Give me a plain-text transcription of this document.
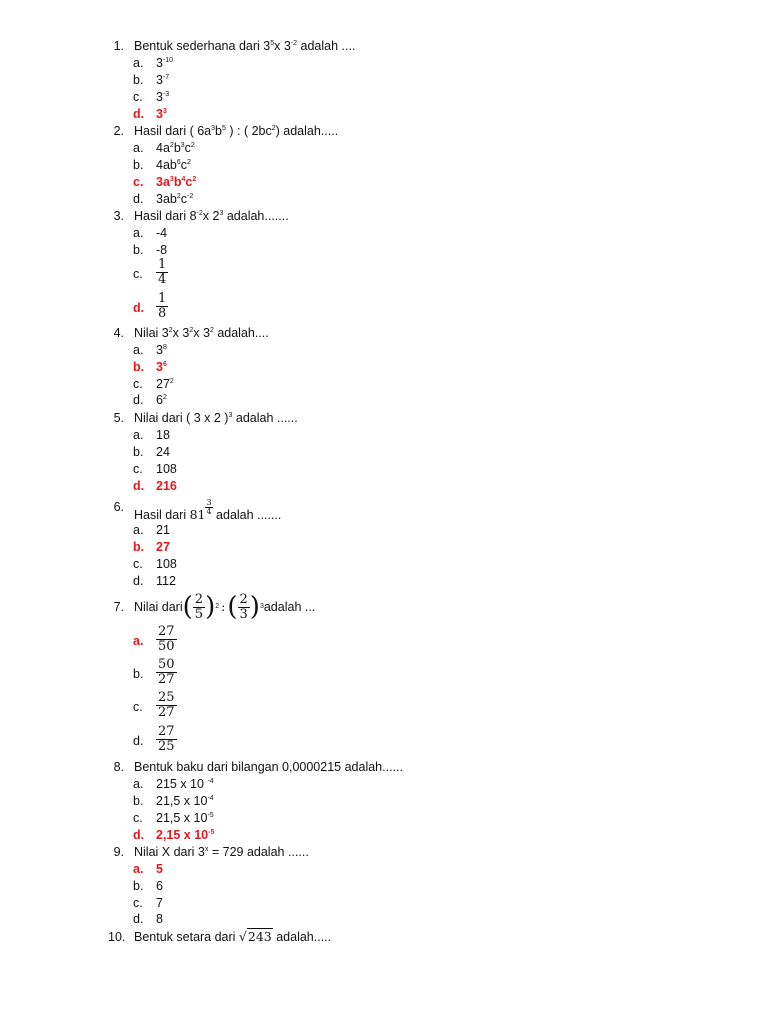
1. Bentuk sederhana dari $3^5x$ $3^{-2}$ adalah ....
a. $3^{-10}$
b. $3^{-7}$
c. $3^{-3}$
d. $3^3$
2. Hasil dari ( $6a^3b^5$ ) : ( $2bc^2$) adalah.....
a. $4a^2b^3c^2$
b. $4ab^6c^2$
c. $3a^3b^4c^2$
d. $3ab^2c^{-2}$
3. Hasil dari $8^{-2}x$ $2^3$ adalah.......
a. -4
b. -8
c. $\frac{1}{4}$
d. $\frac{1}{8}$
4. Nilai $3^2x$ $3^2x$ $3^2$ adalah....
a. $3^8$
b. $3^6$
c. $27^2$
d. $6^2$
5. Nilai dari ( 3 x 2 )$^3$ adalah ......
a. 18
b. 24
c. 108
d. 216
6.
Hasil dari $81 \frac{3}{4}$ adalah .......
a. 21
b. 27
c. 108
d. 112
7. Nilai dari ( $\frac{2}{5}$ ) 2 : ( $\frac{2}{3}$ ) 3 adalah ...
a. $\frac{27}{50}$
b. $\frac{50}{27}$
c. $\frac{25}{27}$
d. $\frac{27}{25}$
8. Bentuk baku dari bilangan 0,0000215 adalah......
a. 215 x 10 $^{-4}$
b. 21,5 x $10^{-4}$
c. 21,5 x $10^{-5}$
d. 2,15 x $10^{-5}$
9. Nilai X dari $3^x = 729$ adalah ......
a. 5
b. 6
c. 7
d. 8
10. Bentuk setara dari √243 adalah.....
